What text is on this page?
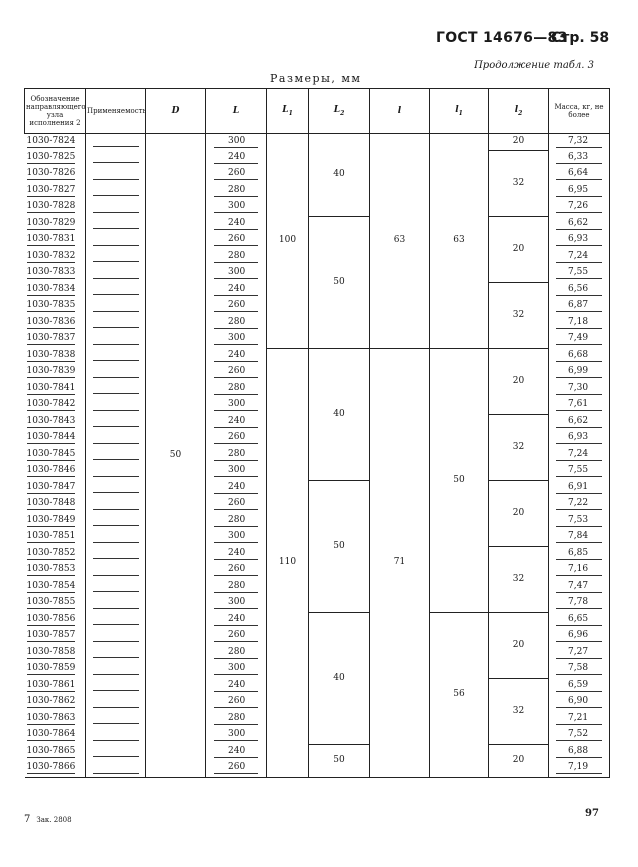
ГОСТ 14676—83
Стр. 58
Продолжение табл. 3
Размеры, мм
Обозначение направляющего узла исполнения 2	Применяемость	D	L	$L_1$	$L_2$	l	$l_1$	$l_2$	Масса, кг, не более
1030-7824		50	300	100	40	63	63	20	7,32
1030-7825			240					32	6,33
1030-7826			260						6,64
1030-7827			280						6,95
1030-7828			300						7,26
1030-7829			240		50			20	6,62
1030-7831			260						6,93
1030-7832			280						7,24
1030-7833			300						7,55
1030-7834			240					32	6,56
1030-7835			260						6,87
1030-7836			280						7,18
1030-7837			300						7,49
1030-7838			240	110	40	71	50	20	6,68
1030-7839			260						6,99
1030-7841			280						7,30
1030-7842			300						7,61
1030-7843			240					32	6,62
1030-7844			260						6,93
1030-7845			280						7,24
1030-7846			300						7,55
1030-7847			240		50			20	6,91
1030-7848			260						7,22
1030-7849			280						7,53
1030-7851			300						7,84
1030-7852			240					32	6,85
1030-7853			260						7,16
1030-7854			280						7,47
1030-7855			300						7,78
1030-7856			240		40		56	20	6,65
1030-7857			260						6,96
1030-7858			280						7,27
1030-7859			300						7,58
1030-7861			240					32	6,59
1030-7862			260						6,90
1030-7863			280						7,21
1030-7864			300						7,52
1030-7865			240		50			20	6,88
1030-7866			260						7,19
7 Зак. 2808
97
